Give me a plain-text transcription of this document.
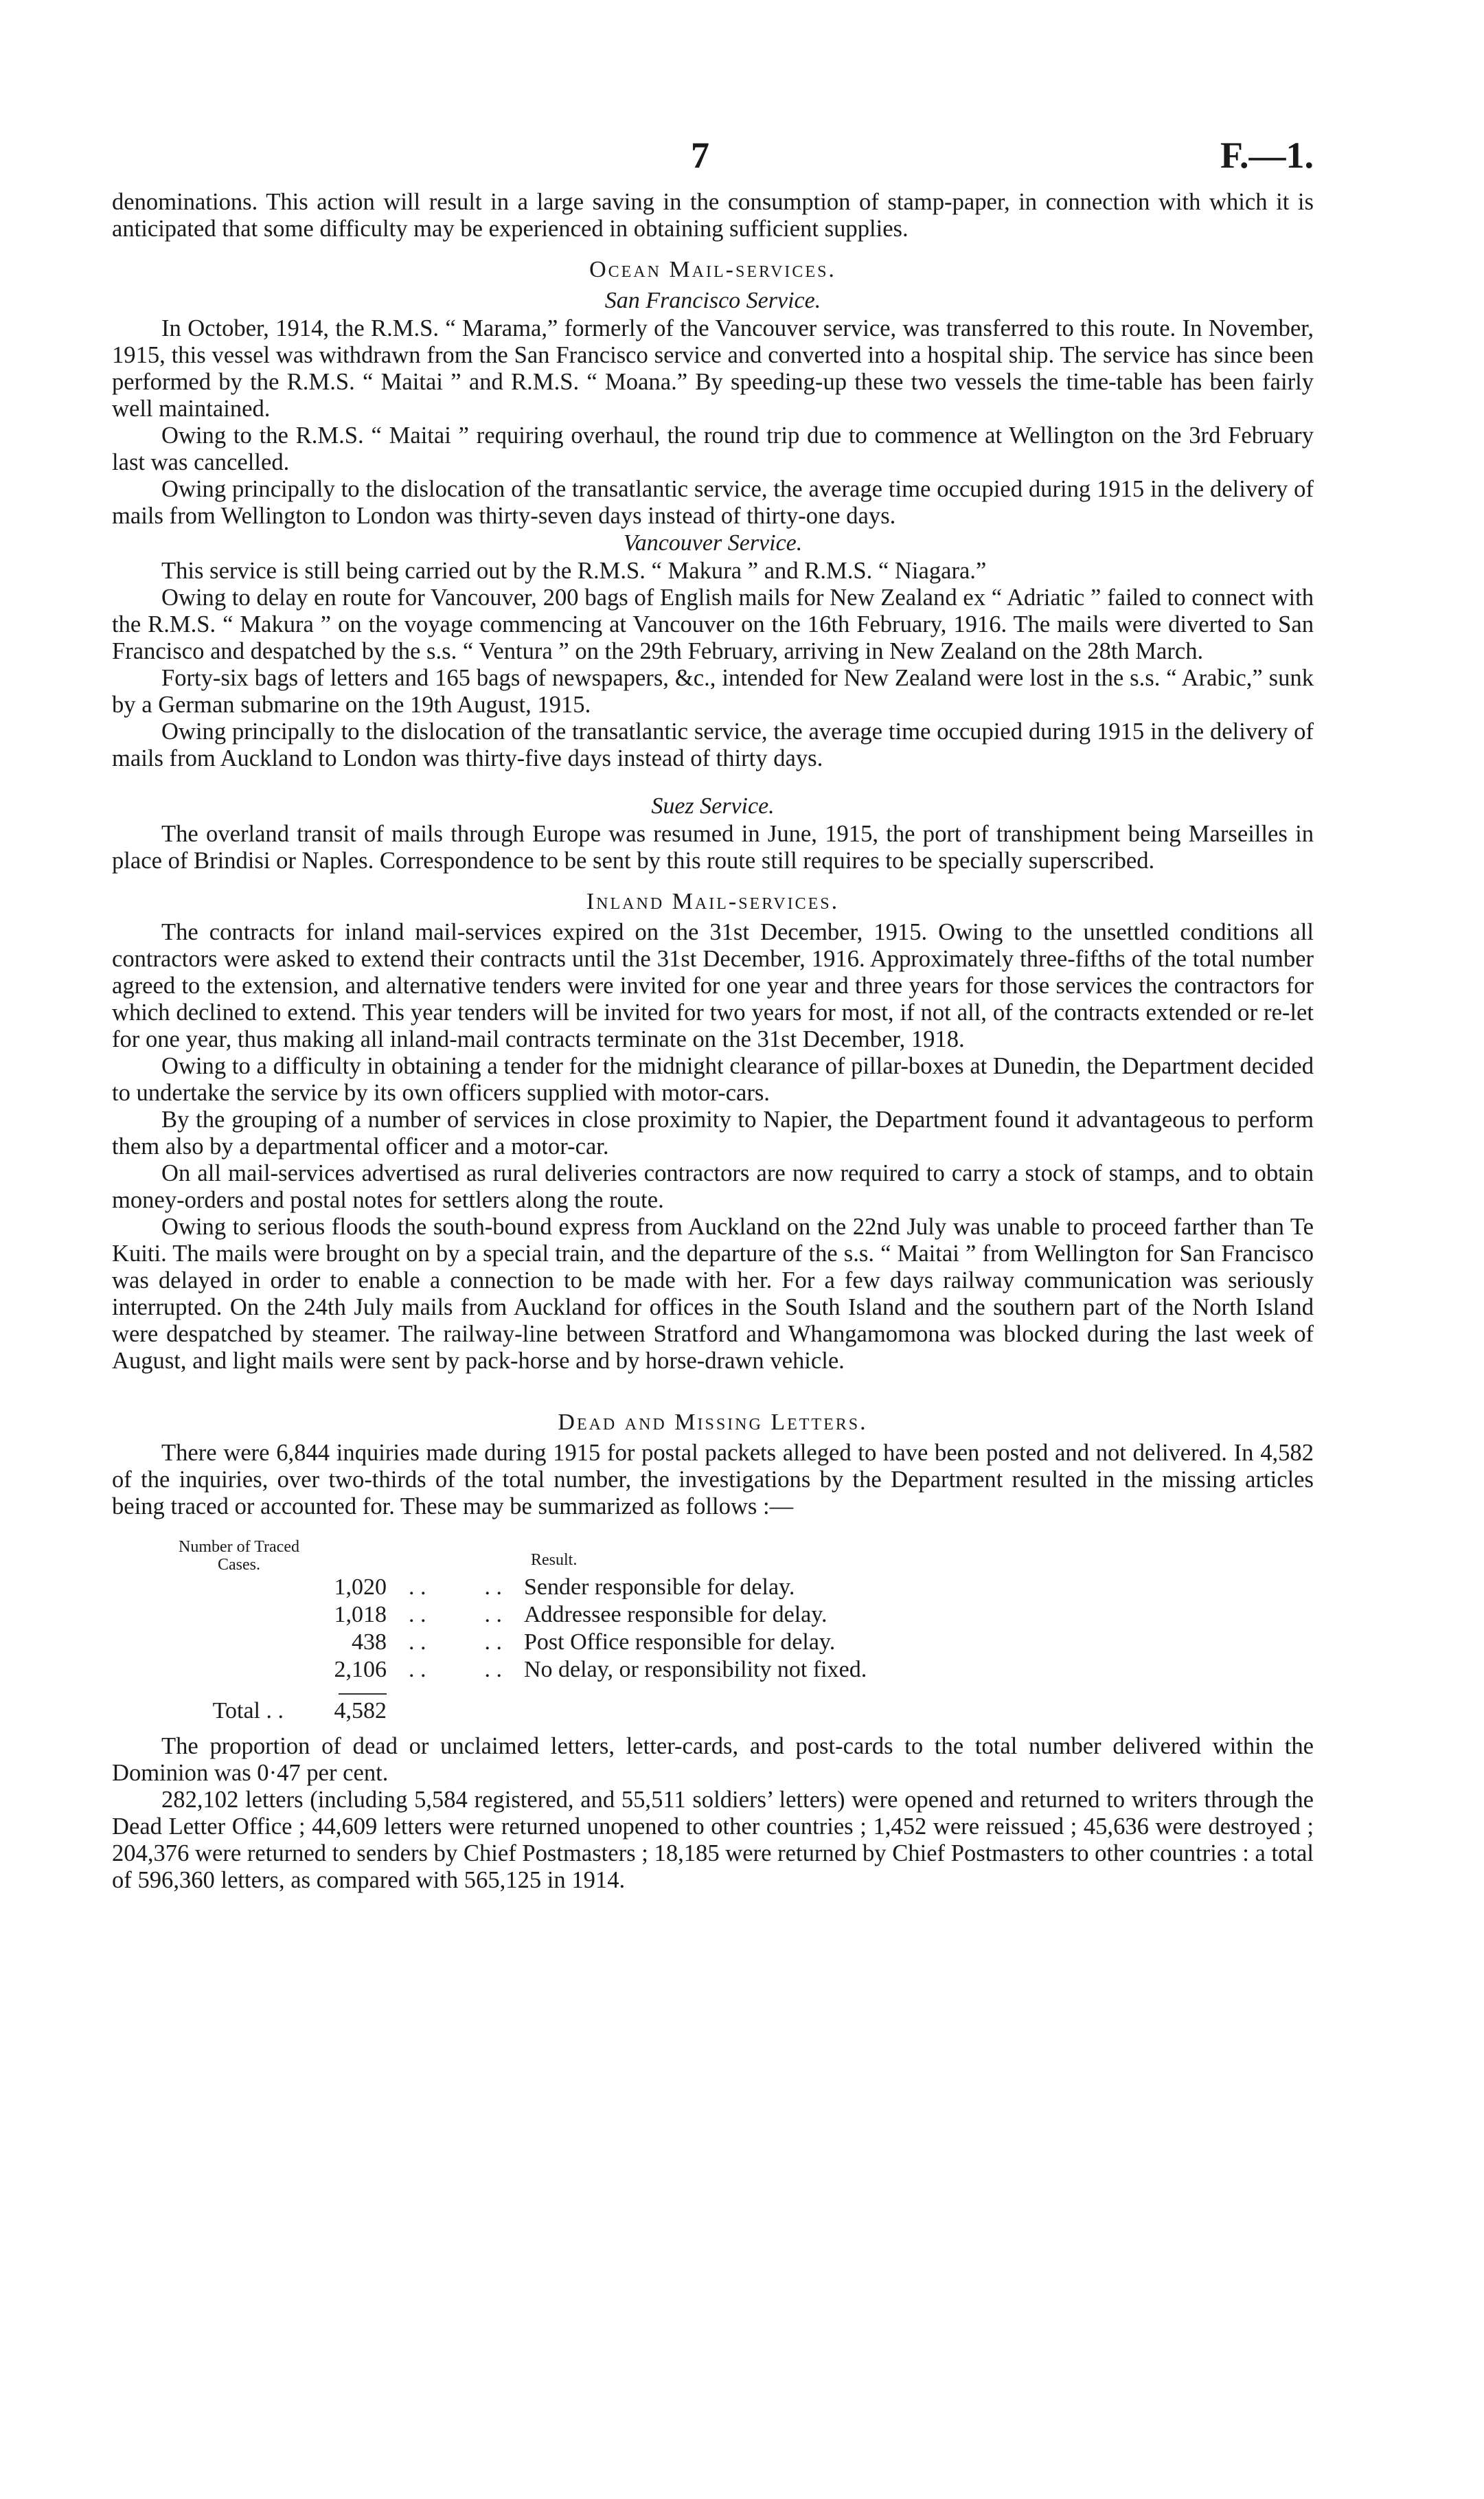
7	F.—1.

denominations. This action will result in a large saving in the consumption of stamp-paper, in connection with which it is anticipated that some difficulty may be experienced in obtaining sufficient supplies.

Ocean Mail-services.
San Francisco Service.

In October, 1914, the R.M.S. “ Marama,” formerly of the Vancouver service, was transferred to this route. In November, 1915, this vessel was withdrawn from the San Francisco service and converted into a hospital ship. The service has since been performed by the R.M.S. “ Maitai ” and R.M.S. “ Moana.” By speeding-up these two vessels the time-table has been fairly well maintained.

Owing to the R.M.S. “ Maitai ” requiring overhaul, the round trip due to commence at Wellington on the 3rd February last was cancelled.

Owing principally to the dislocation of the transatlantic service, the average time occupied during 1915 in the delivery of mails from Wellington to London was thirty-seven days instead of thirty-one days.

Vancouver Service.

This service is still being carried out by the R.M.S. “ Makura ” and R.M.S. “ Niagara.”

Owing to delay en route for Vancouver, 200 bags of English mails for New Zealand ex “ Adriatic ” failed to connect with the R.M.S. “ Makura ” on the voyage commencing at Vancouver on the 16th February, 1916. The mails were diverted to San Francisco and despatched by the s.s. “ Ventura ” on the 29th February, arriving in New Zealand on the 28th March.

Forty-six bags of letters and 165 bags of newspapers, &c., intended for New Zealand were lost in the s.s. “ Arabic,” sunk by a German submarine on the 19th August, 1915.

Owing principally to the dislocation of the transatlantic service, the average time occupied during 1915 in the delivery of mails from Auckland to London was thirty-five days instead of thirty days.

Suez Service.

The overland transit of mails through Europe was resumed in June, 1915, the port of transhipment being Marseilles in place of Brindisi or Naples. Correspondence to be sent by this route still requires to be specially superscribed.

Inland Mail-services.

The contracts for inland mail-services expired on the 31st December, 1915. Owing to the unsettled conditions all contractors were asked to extend their contracts until the 31st December, 1916. Approximately three-fifths of the total number agreed to the extension, and alternative tenders were invited for one year and three years for those services the contractors for which declined to extend. This year tenders will be invited for two years for most, if not all, of the contracts extended or re-let for one year, thus making all inland-mail contracts terminate on the 31st December, 1918.

Owing to a difficulty in obtaining a tender for the midnight clearance of pillar-boxes at Dunedin, the Department decided to undertake the service by its own officers supplied with motor-cars.

By the grouping of a number of services in close proximity to Napier, the Department found it advantageous to perform them also by a departmental officer and a motor-car.

On all mail-services advertised as rural deliveries contractors are now required to carry a stock of stamps, and to obtain money-orders and postal notes for settlers along the route.

Owing to serious floods the south-bound express from Auckland on the 22nd July was unable to proceed farther than Te Kuiti. The mails were brought on by a special train, and the departure of the s.s. “ Maitai ” from Wellington for San Francisco was delayed in order to enable a connection to be made with her. For a few days railway communication was seriously interrupted. On the 24th July mails from Auckland for offices in the South Island and the southern part of the North Island were despatched by steamer. The railway-line between Stratford and Whangamomona was blocked during the last week of August, and light mails were sent by pack-horse and by horse-drawn vehicle.

Dead and Missing Letters.

There were 6,844 inquiries made during 1915 for postal packets alleged to have been posted and not delivered. In 4,582 of the inquiries, over two-thirds of the total number, the investigations by the Department resulted in the missing articles being traced or accounted for. These may be summarized as follows :—

Number of Traced Cases.	Result.
1,020 . .          . . Sender responsible for delay.
1,018 . .          . . Addressee responsible for delay.
438 . .          . . Post Office responsible for delay.
2,106 . .          . . No delay, or responsibility not fixed.
Total . .	4,582

The proportion of dead or unclaimed letters, letter-cards, and post-cards to the total number delivered within the Dominion was 0·47 per cent.

282,102 letters (including 5,584 registered, and 55,511 soldiers’ letters) were opened and returned to writers through the Dead Letter Office ; 44,609 letters were returned unopened to other countries ; 1,452 were reissued ; 45,636 were destroyed ; 204,376 were returned to senders by Chief Postmasters ; 18,185 were returned by Chief Postmasters to other countries : a total of 596,360 letters, as compared with 565,125 in 1914.
